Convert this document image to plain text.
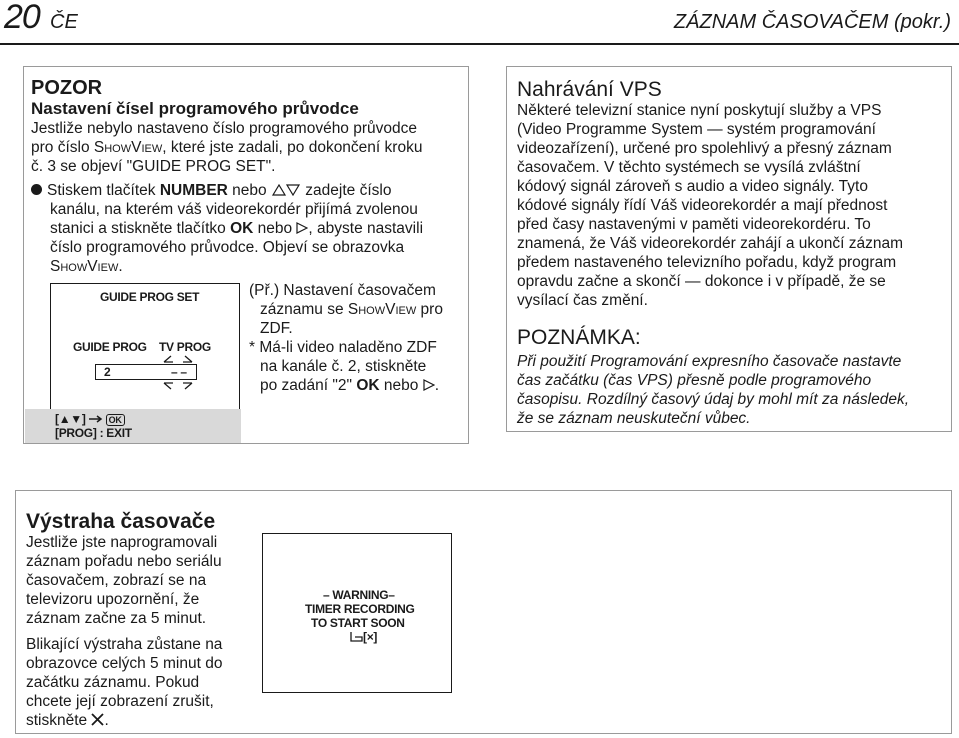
20 ČE	ZÁZNAM ČASOVAČEM (pokr.)

POZOR

Nastavení čísel programového průvodce

Jestliže nebylo nastaveno číslo programového průvodce

pro číslo ShowView, které jste zadali, po dokončení kroku

č. 3 se objeví "GUIDE PROG SET".

Stiskem tlačítek NUMBER nebo  zadejte číslo

kanálu, na kterém váš videorekordér přijímá zvolenou

stanici a stiskněte tlačítko OK nebo , abyste nastavili

číslo programového průvodce. Objeví se obrazovka

ShowView.

GUIDE PROG SET
GUIDE PROG TV PROG
2	– –
[▲▼]  OK
[PROG] : EXIT

(Př.) Nastavení časovačem

záznamu se ShowView pro

ZDF.

* Má-li video naladěno ZDF

na kanále č. 2, stiskněte

po zadání "2" OK nebo .

Nahrávání VPS

Některé televizní stanice nyní poskytují služby a VPS

(Video Programme System — systém programování

videozařízení), určené pro spolehlivý a přesný záznam

časovačem. V těchto systémech se vysílá zvláštní

kódový signál zároveň s audio a video signály. Tyto

kódové signály řídí Váš videorekordér a mají přednost

před časy nastavenými v paměti videorekordéru. To

znamená, že Váš videorekordér zahájí a ukončí záznam

předem nastaveného televizního pořadu, když program

opravdu začne a skončí — dokonce i v případě, že se

vysílací čas změní.

POZNÁMKA:

Při použití Programování expresního časovače nastavte

čas začátku (čas VPS) přesně podle programového

časopisu. Rozdílný časový údaj by mohl mít za následek,

že se záznam neuskuteční vůbec.

Výstraha časovače

Jestliže jste naprogramovali

záznam pořadu nebo seriálu

časovačem, zobrazí se na

televizoru upozornění, že

záznam začne za 5 minut.

Blikající výstraha zůstane na

obrazovce celých 5 minut do

začátku záznamu. Pokud

chcete její zobrazení zrušit,

stiskněte .

– WARNING–
TIMER RECORDING
TO START SOON
[×]
